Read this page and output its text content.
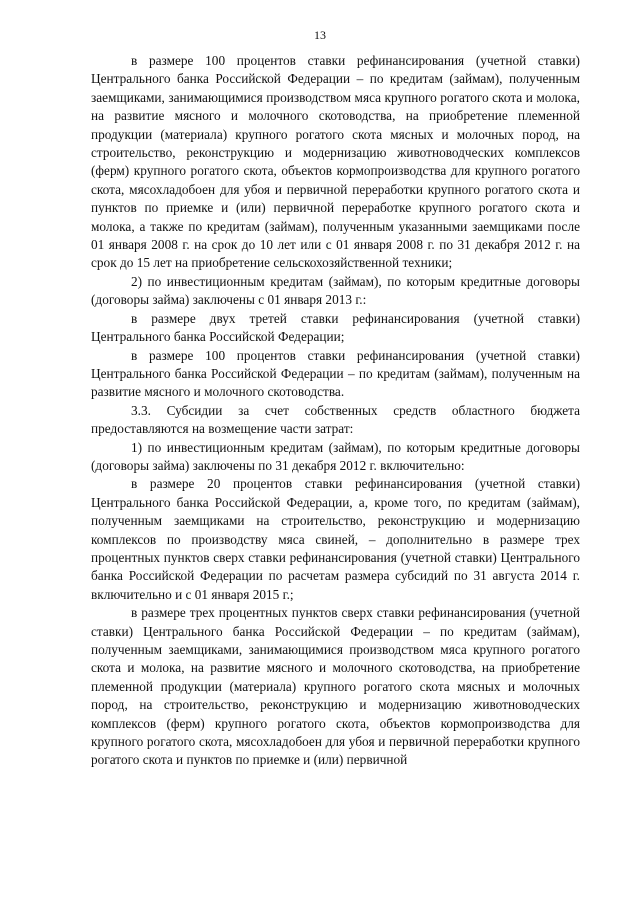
13

в размере 100 процентов ставки рефинансирования (учетной ставки) Центрального банка Российской Федерации – по кредитам (займам), полученным заемщиками, занимающимися производством мяса крупного рогатого скота и молока, на развитие мясного и молочного скотоводства, на приобретение племенной продукции (материала) крупного рогатого скота мясных и молочных пород, на строительство, реконструкцию и модернизацию животноводческих комплексов (ферм) крупного рогатого скота, объектов кормопроизводства для крупного рогатого скота, мясохладобоен для убоя и первичной переработки крупного рогатого скота и пунктов по приемке и (или) первичной переработке крупного рогатого скота и молока, а также по кредитам (займам), полученным указанными заемщиками после 01 января 2008 г. на срок до 10 лет или с 01 января 2008 г. по 31 декабря 2012 г. на срок до 15 лет на приобретение сельскохозяйственной техники;

2) по инвестиционным кредитам (займам), по которым кредитные договоры (договоры займа) заключены с 01 января 2013 г.:

в размере двух третей ставки рефинансирования (учетной ставки) Центрального банка Российской Федерации;

в размере 100 процентов ставки рефинансирования (учетной ставки) Центрального банка Российской Федерации – по кредитам (займам), полученным на развитие мясного и молочного скотоводства.

3.3. Субсидии за счет собственных средств областного бюджета предоставляются на возмещение части затрат:

1) по инвестиционным кредитам (займам), по которым кредитные договоры (договоры займа) заключены по 31 декабря 2012 г. включительно:

в размере 20 процентов ставки рефинансирования (учетной ставки) Центрального банка Российской Федерации, а, кроме того, по кредитам (займам), полученным заемщиками на строительство, реконструкцию и модернизацию комплексов по производству мяса свиней, – дополнительно в размере трех процентных пунктов сверх ставки рефинансирования (учетной ставки) Центрального банка Российской Федерации по расчетам размера субсидий по 31 августа 2014 г. включительно и с 01 января 2015 г.;

в размере трех процентных пунктов сверх ставки рефинансирования (учетной ставки) Центрального банка Российской Федерации – по кредитам (займам), полученным заемщиками, занимающимися производством мяса крупного рогатого скота и молока, на развитие мясного и молочного скотоводства, на приобретение племенной продукции (материала) крупного рогатого скота мясных и молочных пород, на строительство, реконструкцию и модернизацию животноводческих комплексов (ферм) крупного рогатого скота, объектов кормопроизводства для крупного рогатого скота, мясохладобоен для убоя и первичной переработки крупного рогатого скота и пунктов по приемке и (или) первичной
